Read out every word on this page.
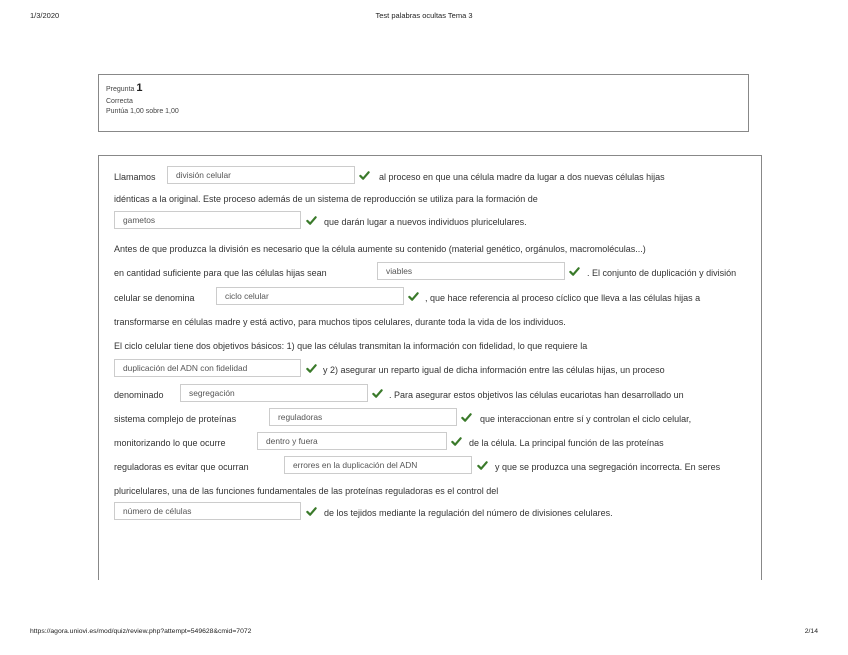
1/3/2020	Test palabras ocultas Tema 3
Pregunta 1
Correcta
Puntúa 1,00 sobre 1,00
Llamamos	división celular	al proceso en que una célula madre da lugar a dos nuevas células hijas
idénticas a la original. Este proceso además de un sistema de reproducción se utiliza para la formación de
gametos	que darán lugar a nuevos individuos pluricelulares.
Antes de que produzca la división es necesario que la célula aumente su contenido (material genético, orgánulos, macromoléculas...)
en cantidad suficiente para que las células hijas sean	viables	. El conjunto de duplicación y división
celular se denomina	ciclo celular	, que hace referencia al proceso cíclico que lleva a las células hijas a
transformarse en células madre y está activo, para muchos tipos celulares, durante toda la vida de los individuos.
El ciclo celular tiene dos objetivos básicos: 1) que las células transmitan la información con fidelidad, lo que requiere la
duplicación del ADN con fidelidad	y 2) asegurar un reparto igual de dicha información entre las células hijas, un proceso
denominado	segregación	. Para asegurar estos objetivos las células eucariotas han desarrollado un
sistema complejo de proteínas	reguladoras	que interaccionan entre sí y controlan el ciclo celular,
monitorizando lo que ocurre	dentro y fuera	de la célula. La principal función de las proteínas
reguladoras es evitar que ocurran	errores en la duplicación del ADN	y que se produzca una segregación incorrecta. En seres
pluricelulares, una de las funciones fundamentales de las proteínas reguladoras es el control del
número de células	de los tejidos mediante la regulación del número de divisiones celulares.
https://agora.uniovi.es/mod/quiz/review.php?attempt=549628&cmid=7072	2/14
